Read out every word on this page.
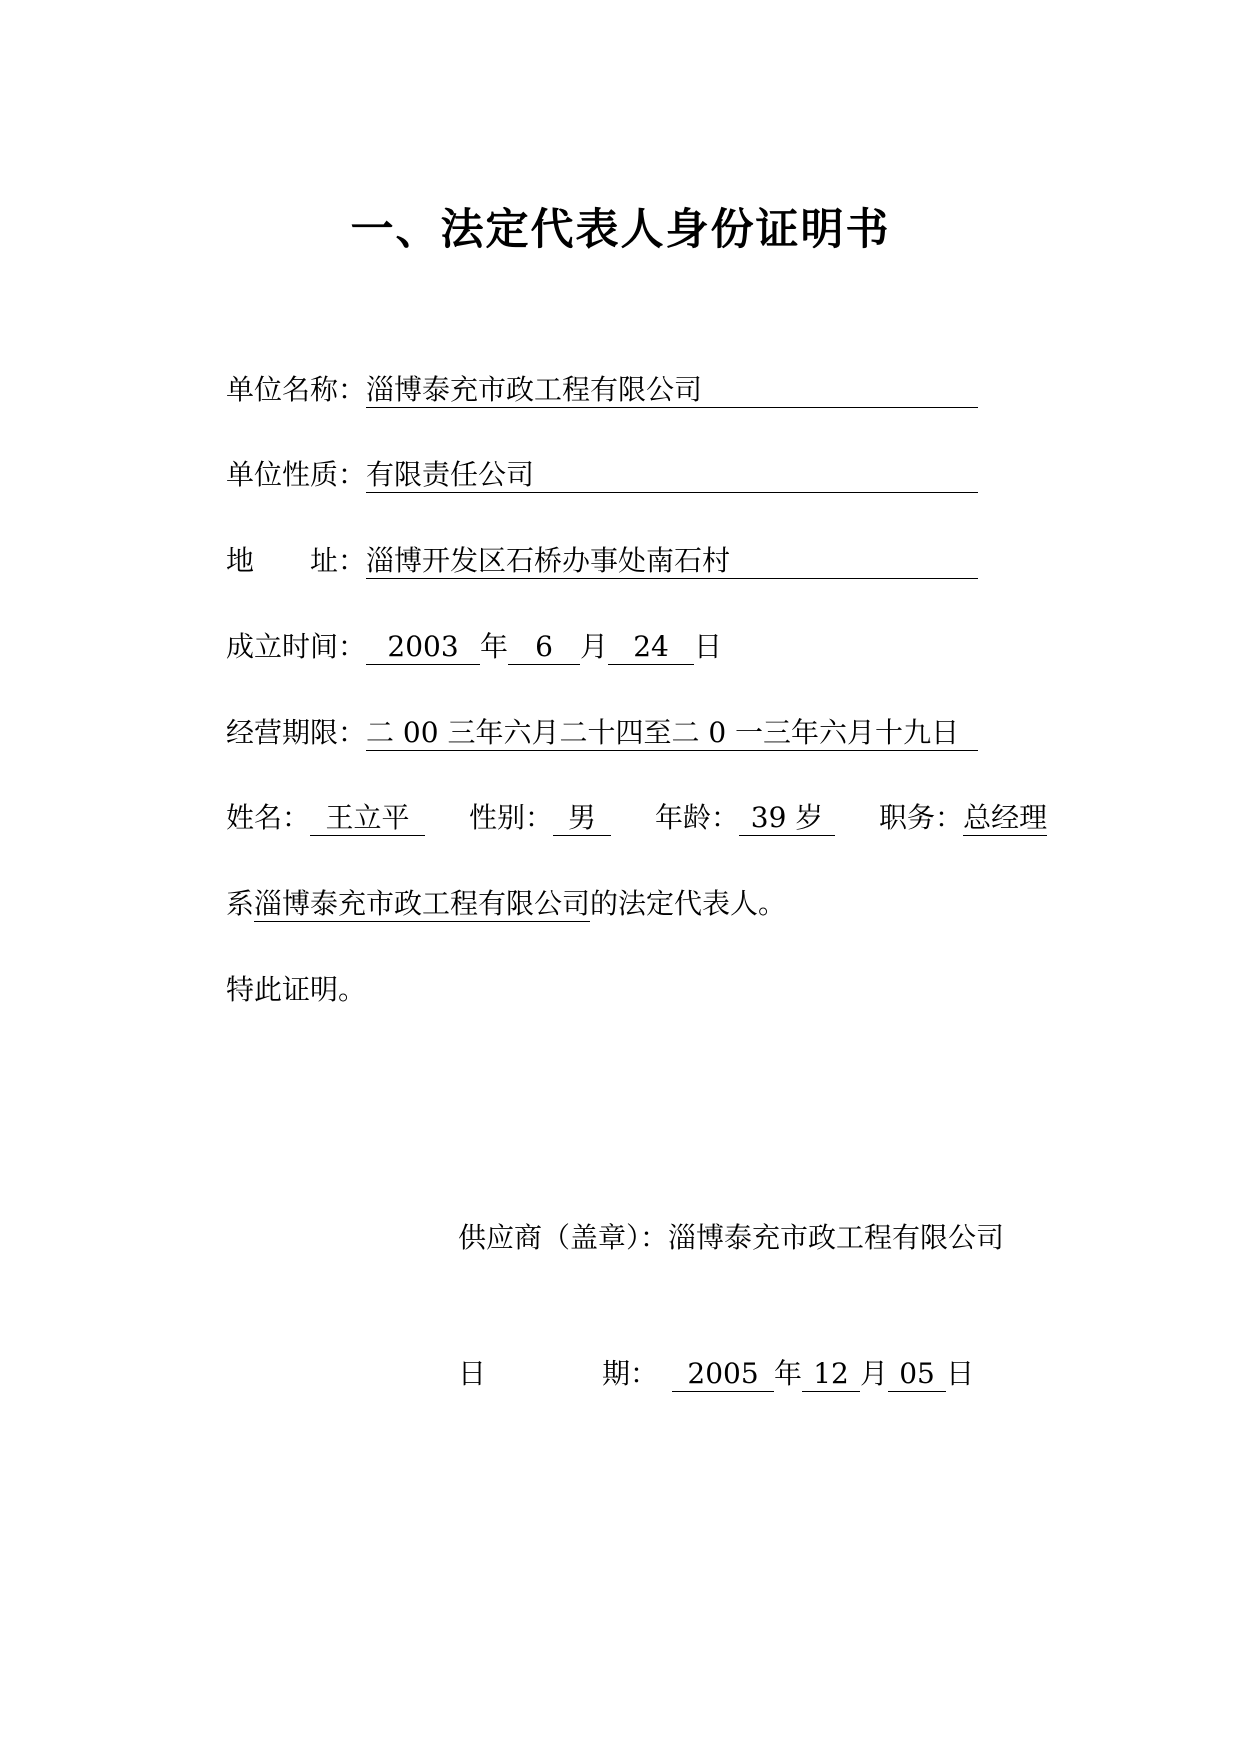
一、法定代表人身份证明书
单位名称：淄博泰充市政工程有限公司
单位性质：有限责任公司
地　　址：淄博开发区石桥办事处南石村
成立时间： 2003 年 6 月 24 日
经营期限：二 00 三年六月二十四至二 0 一三年六月十九日
姓名： 王立平 性别： 男 年龄： 39 岁 职务：总经理
系淄博泰充市政工程有限公司的法定代表人。
特此证明。
供应商（盖章）：淄博泰充市政工程有限公司
日	期： 2005 年 12 月 05 日
